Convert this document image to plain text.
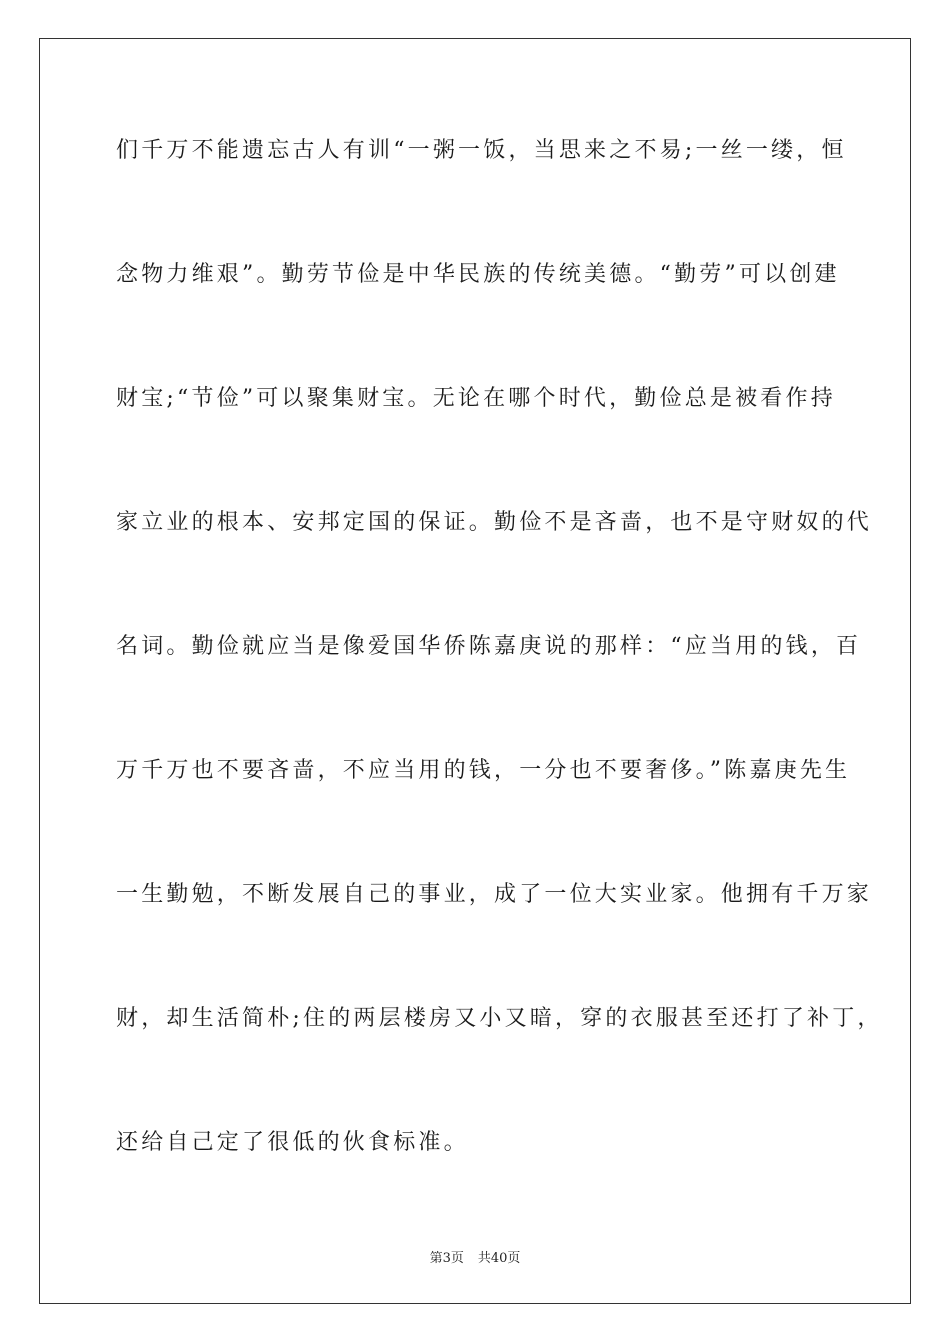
们千万不能遗忘古人有训“一粥一饭，当思来之不易;一丝一缕，恒
念物力维艰”。勤劳节俭是中华民族的传统美德。“勤劳”可以创建
财宝;“节俭”可以聚集财宝。无论在哪个时代，勤俭总是被看作持
家立业的根本、安邦定国的保证。勤俭不是吝啬，也不是守财奴的代
名词。勤俭就应当是像爱国华侨陈嘉庚说的那样：“应当用的钱，百
万千万也不要吝啬，不应当用的钱，一分也不要奢侈。”陈嘉庚先生
一生勤勉，不断发展自己的事业，成了一位大实业家。他拥有千万家
财，却生活简朴;住的两层楼房又小又暗，穿的衣服甚至还打了补丁，
还给自己定了很低的伙食标准。
第3页 共40页
